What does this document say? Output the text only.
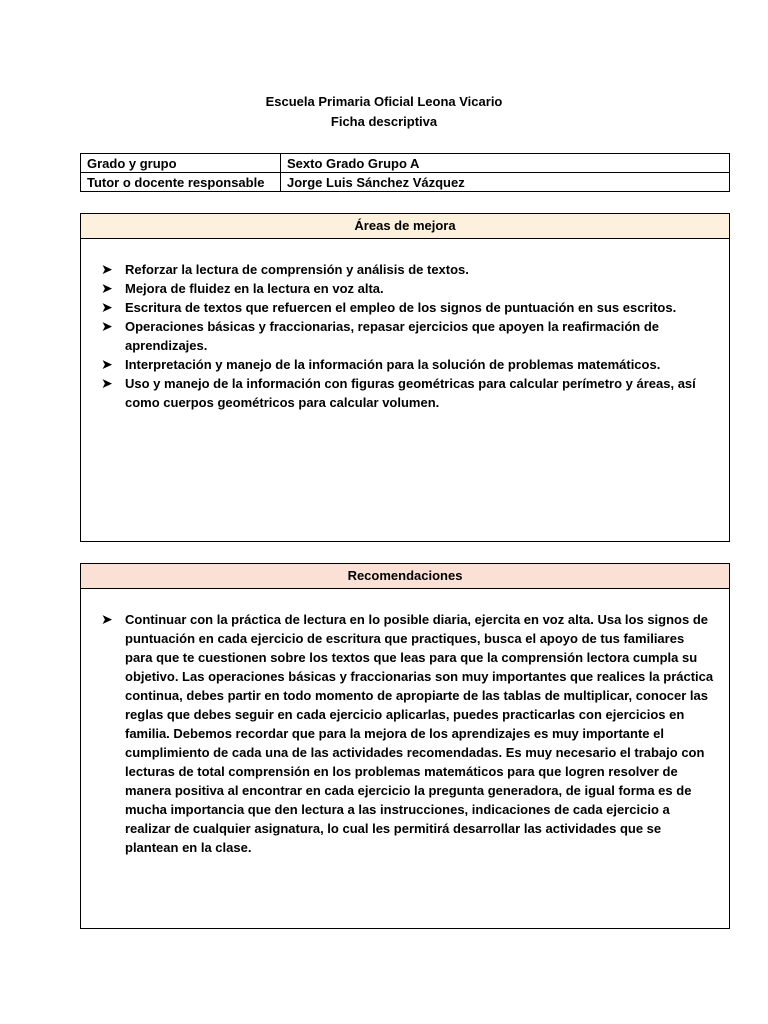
Escuela Primaria Oficial Leona Vicario
Ficha descriptiva
Grado y grupo	Sexto Grado Grupo A
Tutor o docente responsable	Jorge Luis Sánchez Vázquez
Áreas de mejora
➤ Reforzar la lectura de comprensión y análisis de textos.
➤ Mejora de fluidez en la lectura en voz alta.
➤ Escritura de textos que refuercen el empleo de los signos de puntuación en sus escritos.
➤ Operaciones básicas y fraccionarias, repasar ejercicios que apoyen la reafirmación de aprendizajes.
➤ Interpretación y manejo de la información para la solución de problemas matemáticos.
➤ Uso y manejo de la información con figuras geométricas para calcular perímetro y áreas, así como cuerpos geométricos para calcular volumen.
Recomendaciones
➤ Continuar con la práctica de lectura en lo posible diaria, ejercita en voz alta. Usa los signos de puntuación en cada ejercicio de escritura que practiques, busca el apoyo de tus familiares para que te cuestionen sobre los textos que leas para que la comprensión lectora cumpla su objetivo. Las operaciones básicas y fraccionarias son muy importantes que realices la práctica continua, debes partir en todo momento de apropiarte de las tablas de multiplicar, conocer las reglas que debes seguir en cada ejercicio aplicarlas, puedes practicarlas con ejercicios en familia. Debemos recordar que para la mejora de los aprendizajes es muy importante el cumplimiento de cada una de las actividades recomendadas. Es muy necesario el trabajo con lecturas de total comprensión en los problemas matemáticos para que logren resolver de manera positiva al encontrar en cada ejercicio la pregunta generadora, de igual forma es de mucha importancia que den lectura a las instrucciones, indicaciones de cada ejercicio a realizar de cualquier asignatura, lo cual les permitirá desarrollar las actividades que se plantean en la clase.
